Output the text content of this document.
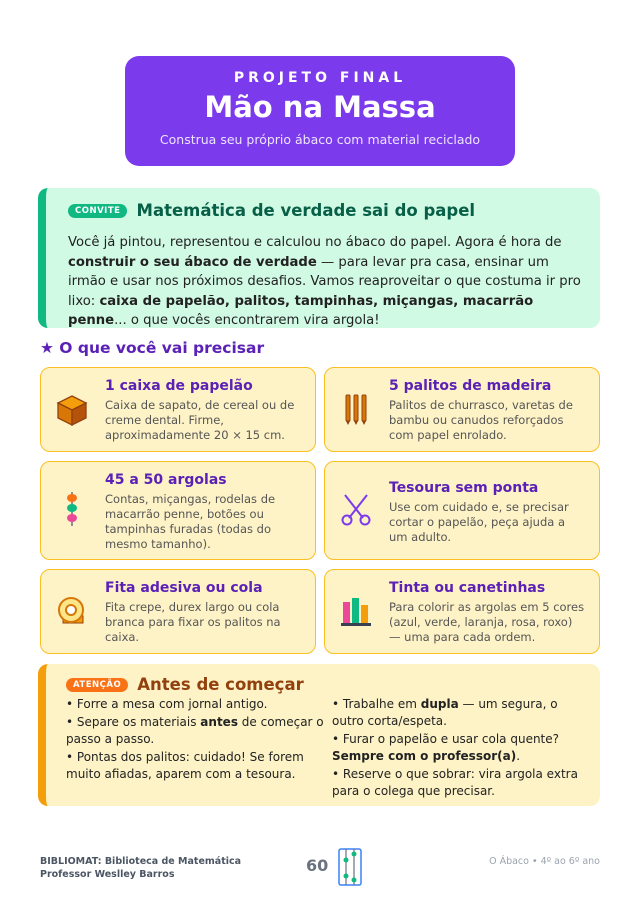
PROJETO FINAL
Mão na Massa
Construa seu próprio ábaco com material reciclado
CONVITE Matemática de verdade sai do papel

Você já pintou, representou e calculou no ábaco do papel. Agora é hora de construir o seu ábaco de verdade — para levar pra casa, ensinar um irmão e usar nos próximos desafios. Vamos reaproveitar o que costuma ir pro lixo: caixa de papelão, palitos, tampinhas, miçangas, macarrão penne... o que vocês encontrarem vira argola!

★ O que você vai precisar
1 caixa de papelão
Caixa de sapato, de cereal ou de creme dental. Firme, aproximadamente 20 × 15 cm.
5 palitos de madeira
Palitos de churrasco, varetas de bambu ou canudos reforçados com papel enrolado.
45 a 50 argolas
Contas, miçangas, rodelas de macarrão penne, botões ou tampinhas furadas (todas do mesmo tamanho).
Tesoura sem ponta
Use com cuidado e, se precisar cortar o papelão, peça ajuda a um adulto.
Fita adesiva ou cola
Fita crepe, durex largo ou cola branca para fixar os palitos na caixa.
Tinta ou canetinhas
Para colorir as argolas em 5 cores (azul, verde, laranja, rosa, roxo) — uma para cada ordem.
ATENÇÃO Antes de começar
• Forre a mesa com jornal antigo.
• Separe os materiais antes de começar o passo a passo.
• Pontas dos palitos: cuidado! Se forem muito afiadas, aparem com a tesoura.
• Trabalhe em dupla — um segura, o outro corta/espeta.
• Furar o papelão e usar cola quente? Sempre com o professor(a).
• Reserve o que sobrar: vira argola extra para o colega que precisar.
BIBLIOMAT: Biblioteca de Matemática
Professor Weslley Barros	60	O Ábaco • 4º ao 6º ano
